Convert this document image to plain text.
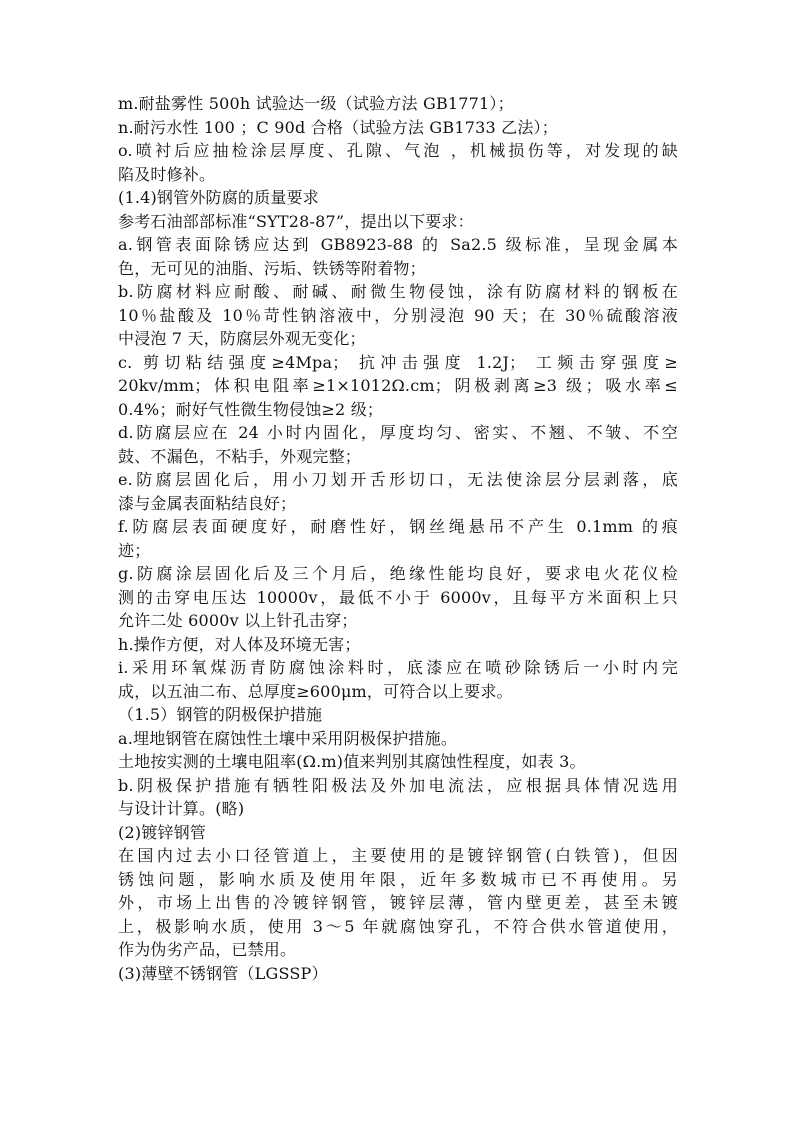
m.耐盐雾性 500h 试验达一级（试验方法 GB1771）；
n.耐污水性 100 ；C 90d 合格（试验方法 GB1733 乙法）；
o.喷衬后应抽检涂层厚度、孔隙、气泡 ，机械损伤等，对发现的缺
陷及时修补。
(1.4)钢管外防腐的质量要求
参考石油部部标准“SYT28-87”，提出以下要求：
a.钢管表面除锈应达到 GB8923-88 的 Sa2.5 级标准，呈现金属本
色，无可见的油脂、污垢、铁锈等附着物；
b.防腐材料应耐酸、耐碱、耐微生物侵蚀，涂有防腐材料的钢板在
10％盐酸及 10％苛性钠溶液中，分别浸泡 90 天；在 30％硫酸溶液
中浸泡 7 天，防腐层外观无变化；
c. 剪切粘结强度≥4Mpa； 抗冲击强度 1.2J； 工频击穿强度≥
20kv/mm；体积电阻率≥1×1012Ω.cm；阴极剥离≥3 级；吸水率≤
0.4%；耐好气性微生物侵蚀≥2 级；
d.防腐层应在 24 小时内固化，厚度均匀、密实、不翘、不皱、不空
鼓、不漏色，不粘手，外观完整；
e.防腐层固化后，用小刀划开舌形切口，无法使涂层分层剥落，底
漆与金属表面粘结良好；
f.防腐层表面硬度好，耐磨性好，钢丝绳悬吊不产生 0.1mm 的痕
迹；
g.防腐涂层固化后及三个月后，绝缘性能均良好，要求电火花仪检
测的击穿电压达 10000v，最低不小于 6000v，且每平方米面积上只
允许二处 6000v 以上针孔击穿；
h.操作方便，对人体及环境无害；
i.采用环氧煤沥青防腐蚀涂料时，底漆应在喷砂除锈后一小时内完
成，以五油二布、总厚度≥600μm，可符合以上要求。
（1.5）钢管的阴极保护措施
a.埋地钢管在腐蚀性土壤中采用阴极保护措施。
土地按实测的土壤电阻率(Ω.m)值来判别其腐蚀性程度，如表 3。
b.阴极保护措施有牺牲阳极法及外加电流法，应根据具体情况选用
与设计计算。(略)
(2)镀锌钢管
在国内过去小口径管道上，主要使用的是镀锌钢管(白铁管)，但因
锈蚀问题，影响水质及使用年限，近年多数城市已不再使用。另
外，市场上出售的冷镀锌钢管，镀锌层薄，管内壁更差，甚至未镀
上，极影响水质，使用 3～5 年就腐蚀穿孔，不符合供水管道使用，
作为伪劣产品，已禁用。
(3)薄壁不锈钢管（LGSSP）
